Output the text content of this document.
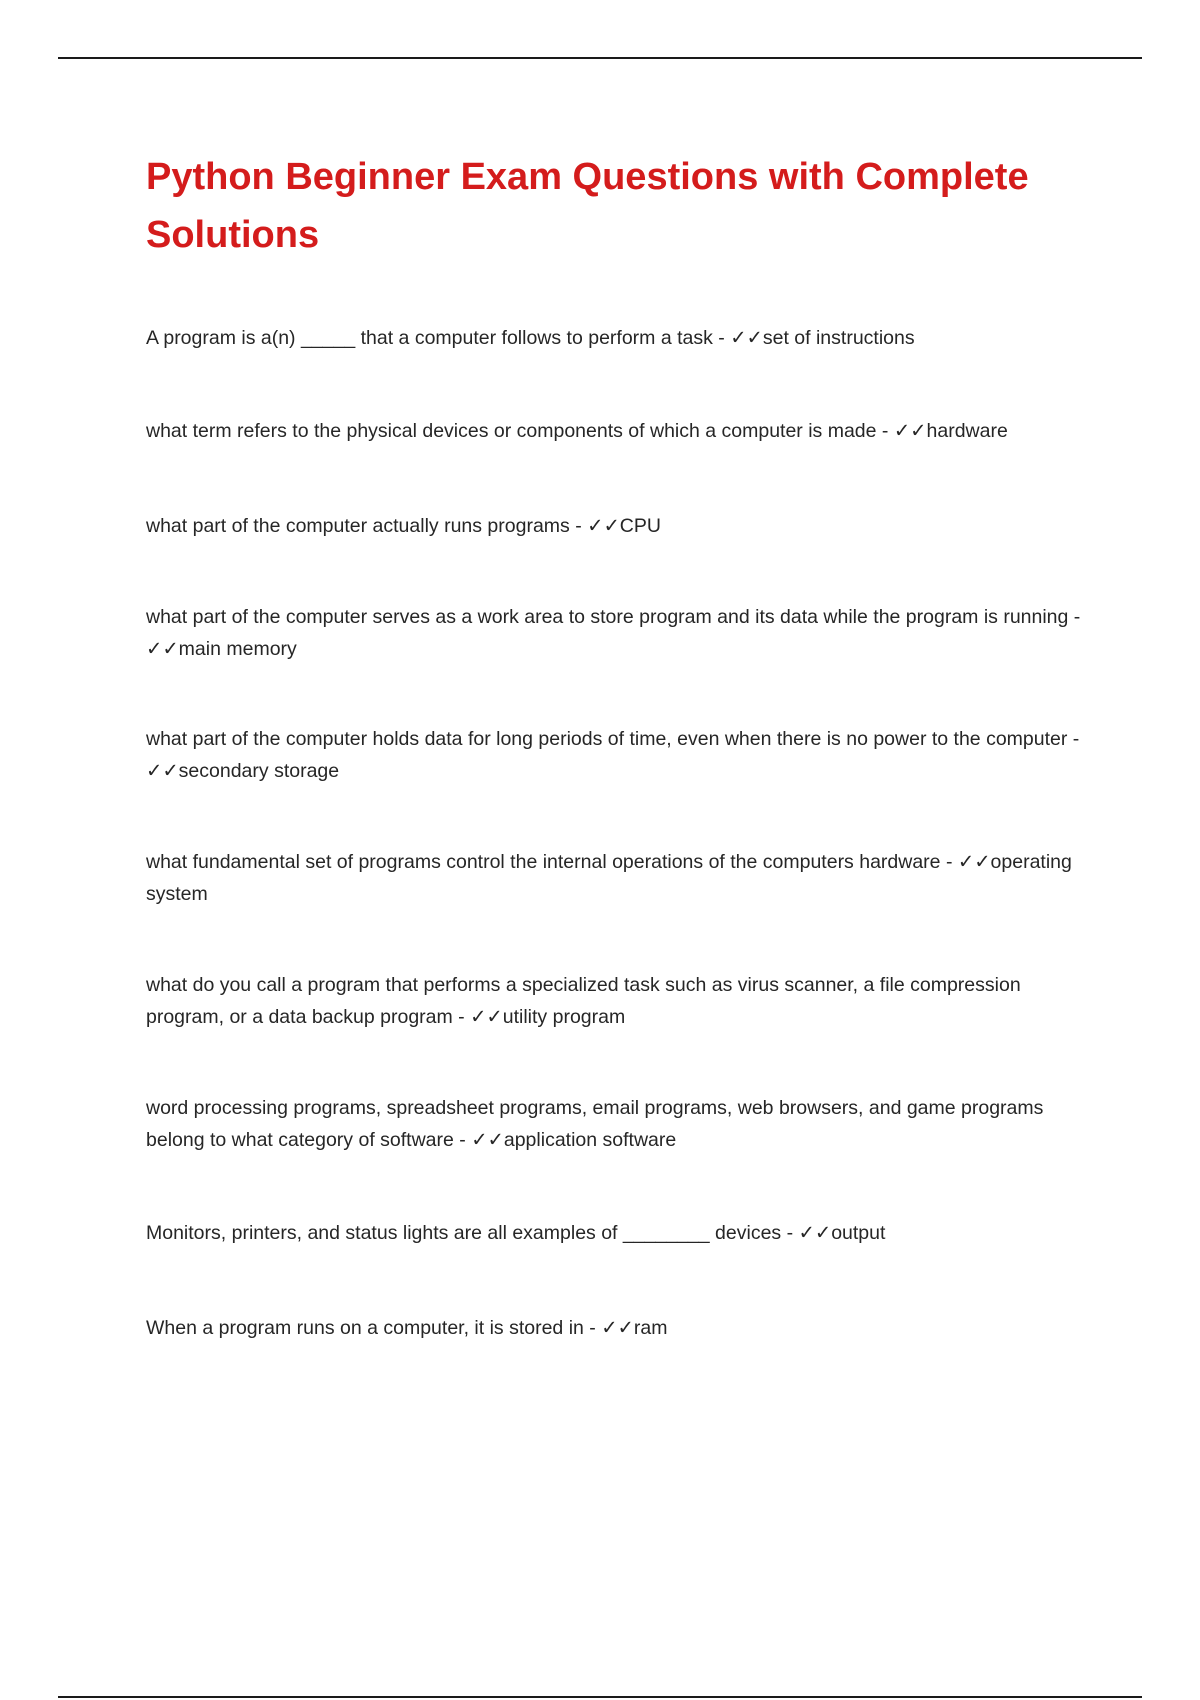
Python Beginner Exam Questions with Complete Solutions
A program is a(n) _____ that a computer follows to perform a task - ✓✓set of instructions
what term refers to the physical devices or components of which a computer is made - ✓✓hardware
what part of the computer actually runs programs - ✓✓CPU
what part of the computer serves as a work area to store program and its data while the program is running - ✓✓main memory
what part of the computer holds data for long periods of time, even when there is no power to the computer - ✓✓secondary storage
what fundamental set of programs control the internal operations of the computers hardware - ✓✓operating system
what do you call a program that performs a specialized task such as virus scanner, a file compression program, or a data backup program - ✓✓utility program
word processing programs, spreadsheet programs, email programs, web browsers, and game programs belong to what category of software - ✓✓application software
Monitors, printers, and status lights are all examples of ________ devices - ✓✓output
When a program runs on a computer, it is stored in - ✓✓ram
